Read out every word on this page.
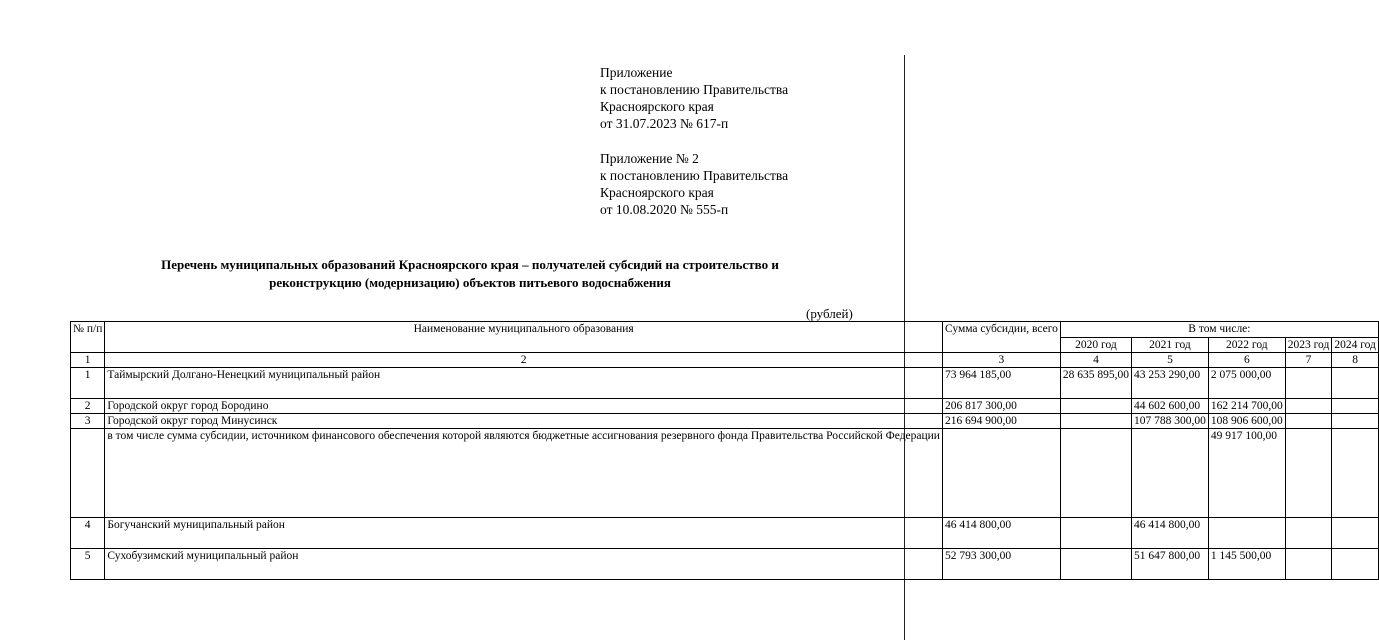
Приложение
к постановлению Правительства
Красноярского края
от 31.07.2023 № 617-п
Приложение № 2
к постановлению Правительства
Красноярского края
от 10.08.2020 № 555-п
Перечень муниципальных образований Красноярского края – получателей субсидий на строительство и
реконструкцию (модернизацию) объектов питьевого водоснабжения
(рублей)
№ п/п	Наименование муниципального образования	Сумма субсидии, всего	В том числе:				
			2020 год	2021 год	2022 год	2023 год	2024 год
1	2	3	4	5	6	7	8
1	Таймырский Долгано-Ненецкий муниципальный район	73 964 185,00	28 635 895,00	43 253 290,00	2 075 000,00		
2	Городской округ город Бородино	206 817 300,00		44 602 600,00	162 214 700,00		
3	Городской округ город Минусинск	216 694 900,00		107 788 300,00	108 906 600,00		
	в том числе сумма субсидии, источником финансового обеспечения которой являются бюджетные ассигнования резервного фонда Правительства Российской Федерации				49 917 100,00		
4	Богучанский муниципальный район	46 414 800,00		46 414 800,00			
5	Сухобузимский муниципальный район	52 793 300,00		51 647 800,00	1 145 500,00		
